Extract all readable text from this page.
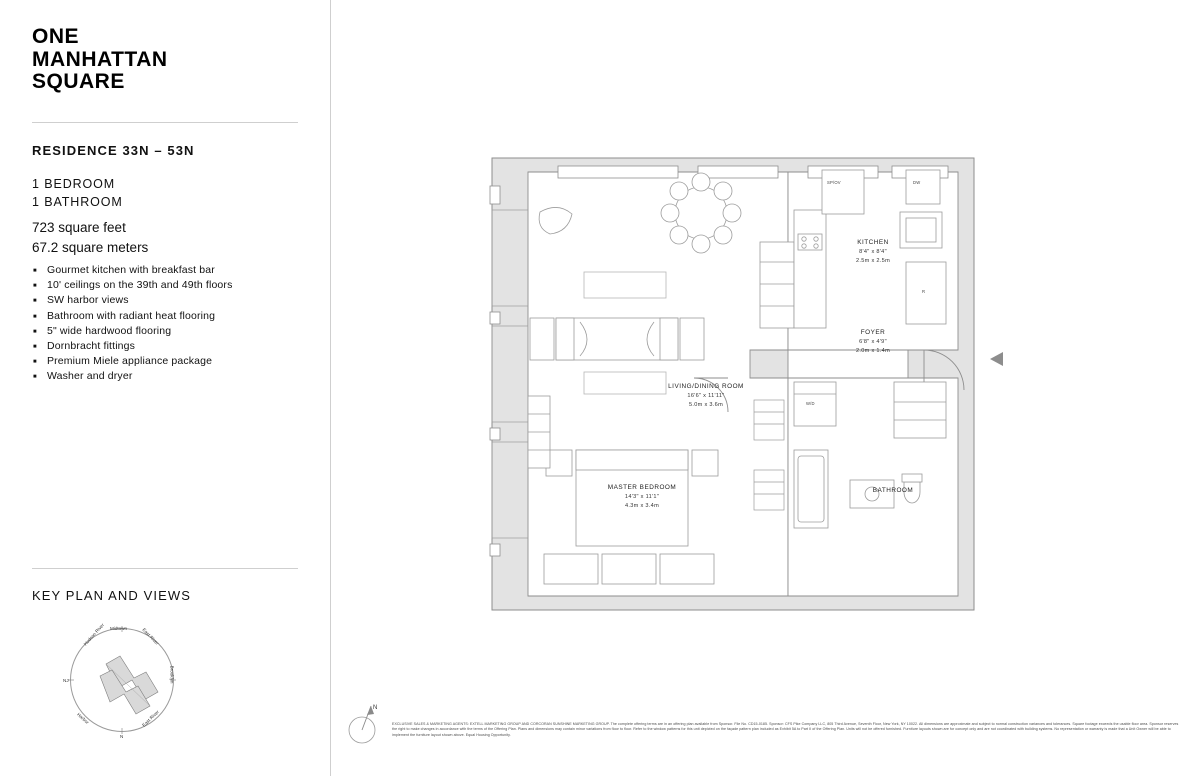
ONE
MANHATTAN
SQUARE
RESIDENCE 33N – 53N
1 BEDROOM
1 BATHROOM
723 square feet
67.2 square meters
■ Gourmet kitchen with breakfast bar
■ 10' ceilings on the 39th and 49th floors
■ SW harbor views
■ Bathroom with radiant heat flooring
■ 5" wide hardwood flooring
■ Dornbracht fittings
■ Premium Miele appliance package
■ Washer and dryer
KEY PLAN AND VIEWS
Hudson River Midtown	East River
NJ	Brooklyn
Harbor	East River
N
LIVING/DINING ROOM
16'6" x 11'11"
5.0m x 3.6m
KITCHEN
8'4" x 8'4"
2.5m x 2.5m
FOYER
6'8" x 4'9"
2.0m x 1.4m
MASTER BEDROOM
14'3" x 11'1"
4.3m x 3.4m
BATHROOM
SP/OV	DW
R
W/D
N
EXCLUSIVE SALES & MARKETING AGENTS: EXTELL MARKETING GROUP AND CORCORAN SUNSHINE MARKETING GROUP. The complete offering terms are in an offering plan available from Sponsor. File No. CD15-0185. Sponsor: CFS Pike Company LLC, 805 Third Avenue, Seventh Floor, New York, NY 10022. All dimensions are approximate and subject to normal construction variances and tolerances. Square footage exceeds the usable floor area. Sponsor reserves the right to make changes in accordance with the terms of the Offering Plan. Plans and dimensions may contain minor variations from floor to floor. Refer to the window patterns for this unit depicted on the façade pattern plan included as Exhibit 5A to Part II of the Offering Plan. Units will not be offered furnished. Furniture layouts shown are for concept only and are not coordinated with building systems. No representation or warranty is made that a Unit Owner will be able to implement the furniture layout shown above. Equal Housing Opportunity.
